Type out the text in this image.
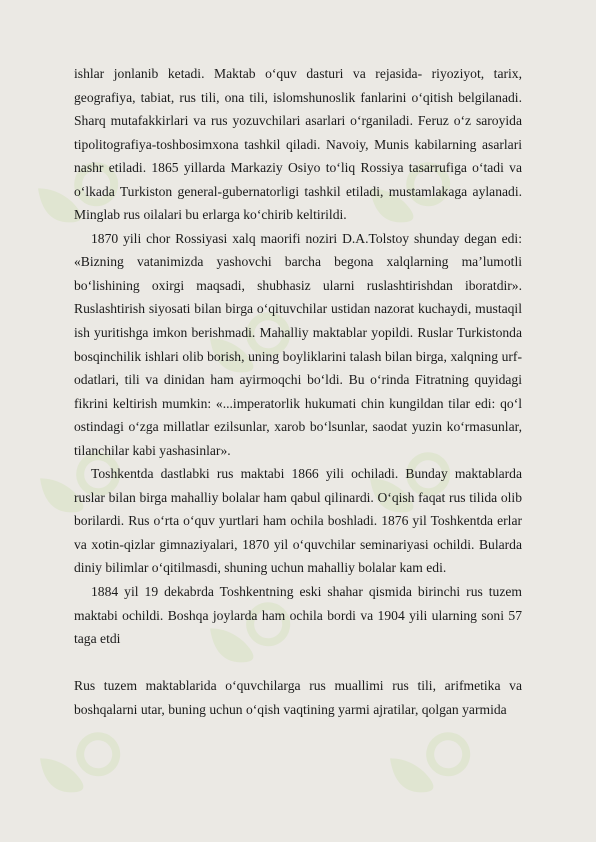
ishlar jonlanib ketadi. Maktab o‘quv dasturi va rejasida- riyoziyot, tarix, geografiya, tabiat, rus tili, ona tili, islomshunoslik fanlarini o‘qitish belgilanadi. Sharq mutafakkirlari va rus yozuvchilari asarlari o‘rganiladi. Feruz o‘z saroyida tipolitografiya-toshbosimxona tashkil qiladi. Navoiy, Munis kabilarning asarlari nashr etiladi. 1865 yillarda Markaziy Osiyo to‘liq Rossiya tasarrufiga o‘tadi va o‘lkada Turkiston general-gubernatorligi tashkil etiladi, mustamlakaga aylanadi. Minglab rus oilalari bu erlarga ko‘chirib keltirildi.

1870 yili chor Rossiyasi xalq maorifi noziri D.A.Tolstoy shunday degan edi: «Bizning vatanimizda yashovchi barcha begona xalqlarning ma’lumotli bo‘lishining oxirgi maqsadi, shubhasiz ularni ruslashtirishdan iboratdir». Ruslashtirish siyosati bilan birga o‘qituvchilar ustidan nazorat kuchaydi, mustaqil ish yuritishga imkon berishmadi. Mahalliy maktablar yopildi. Ruslar Turkistonda bosqinchilik ishlari olib borish, uning boyliklarini talash bilan birga, xalqning urf-odatlari, tili va dinidan ham ayirmoqchi bo‘ldi. Bu o‘rinda Fitratning quyidagi fikrini keltirish mumkin: «...imperatorlik hukumati chin kungildan tilar edi: qo‘l ostindagi o‘zga millatlar ezilsunlar, xarob bo‘lsunlar, saodat yuzin ko‘rmasunlar, tilanchilar kabi yashasinlar».

Toshkentda dastlabki rus maktabi 1866 yili ochiladi. Bunday maktablarda ruslar bilan birga mahalliy bolalar ham qabul qilinardi. O‘qish faqat rus tilida olib borilardi. Rus o‘rta o‘quv yurtlari ham ochila boshladi. 1876 yil Toshkentda erlar va xotin-qizlar gimnaziyalari, 1870 yil o‘quvchilar seminariyasi ochildi. Bularda diniy bilimlar o‘qitilmasdi, shuning uchun mahalliy bolalar kam edi.

1884 yil 19 dekabrda Toshkentning eski shahar qismida birinchi rus tuzem maktabi ochildi. Boshqa joylarda ham ochila bordi va 1904 yili ularning soni 57 taga etdi

Rus tuzem maktablarida o‘quvchilarga rus muallimi rus tili, arifmetika va boshqalarni utar, buning uchun o‘qish vaqtining yarmi ajratilar, qolgan yarmida
